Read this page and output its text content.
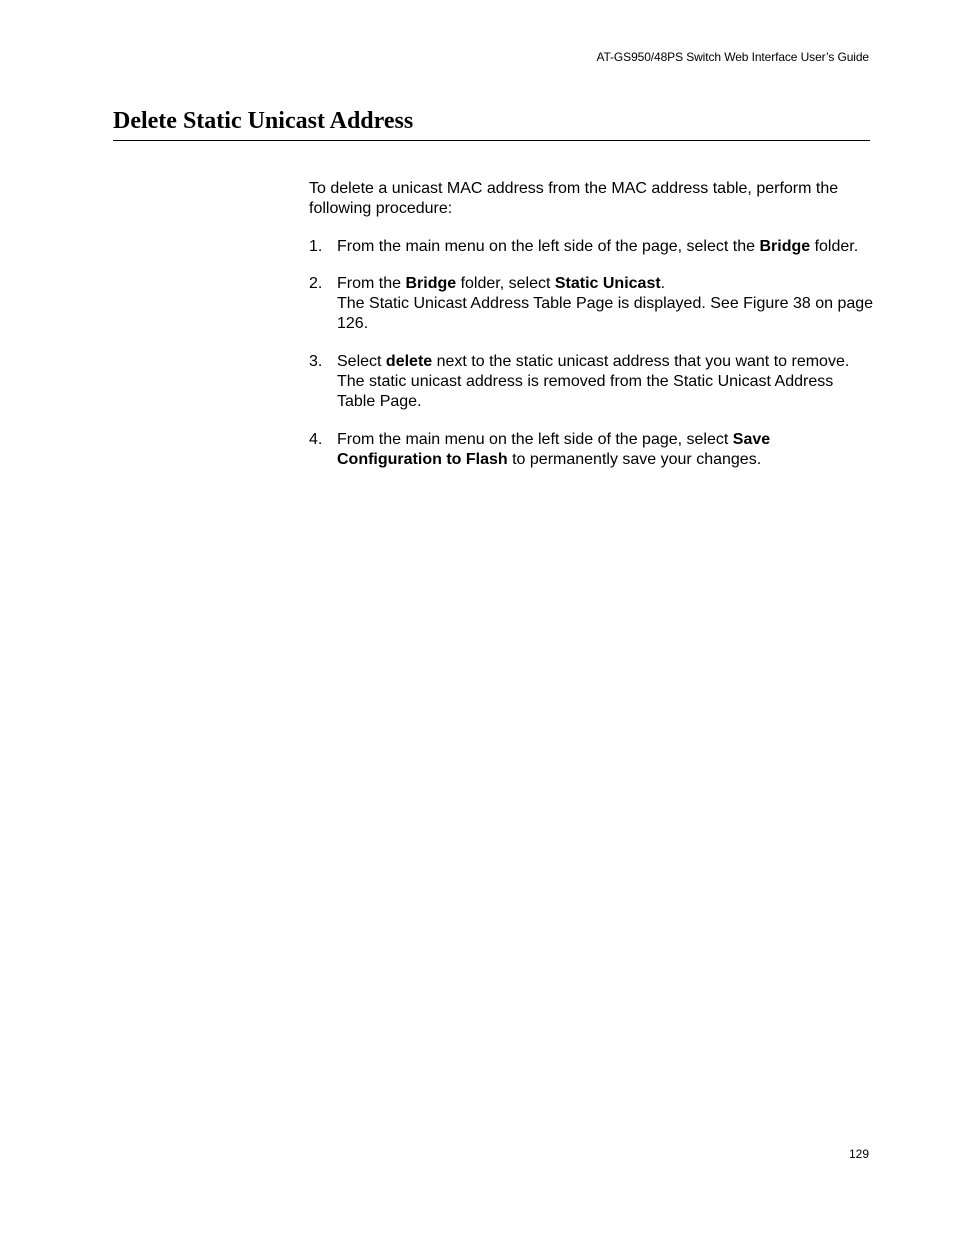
AT-GS950/48PS Switch Web Interface User’s Guide
Delete Static Unicast Address

To delete a unicast MAC address from the MAC address table, perform the following procedure:

1. From the main menu on the left side of the page, select the Bridge folder.

2. From the Bridge folder, select Static Unicast.

The Static Unicast Address Table Page is displayed. See Figure 38 on page 126.

3. Select delete next to the static unicast address that you want to remove.

The static unicast address is removed from the Static Unicast Address Table Page.

4. From the main menu on the left side of the page, select Save Configuration to Flash to permanently save your changes.

129
